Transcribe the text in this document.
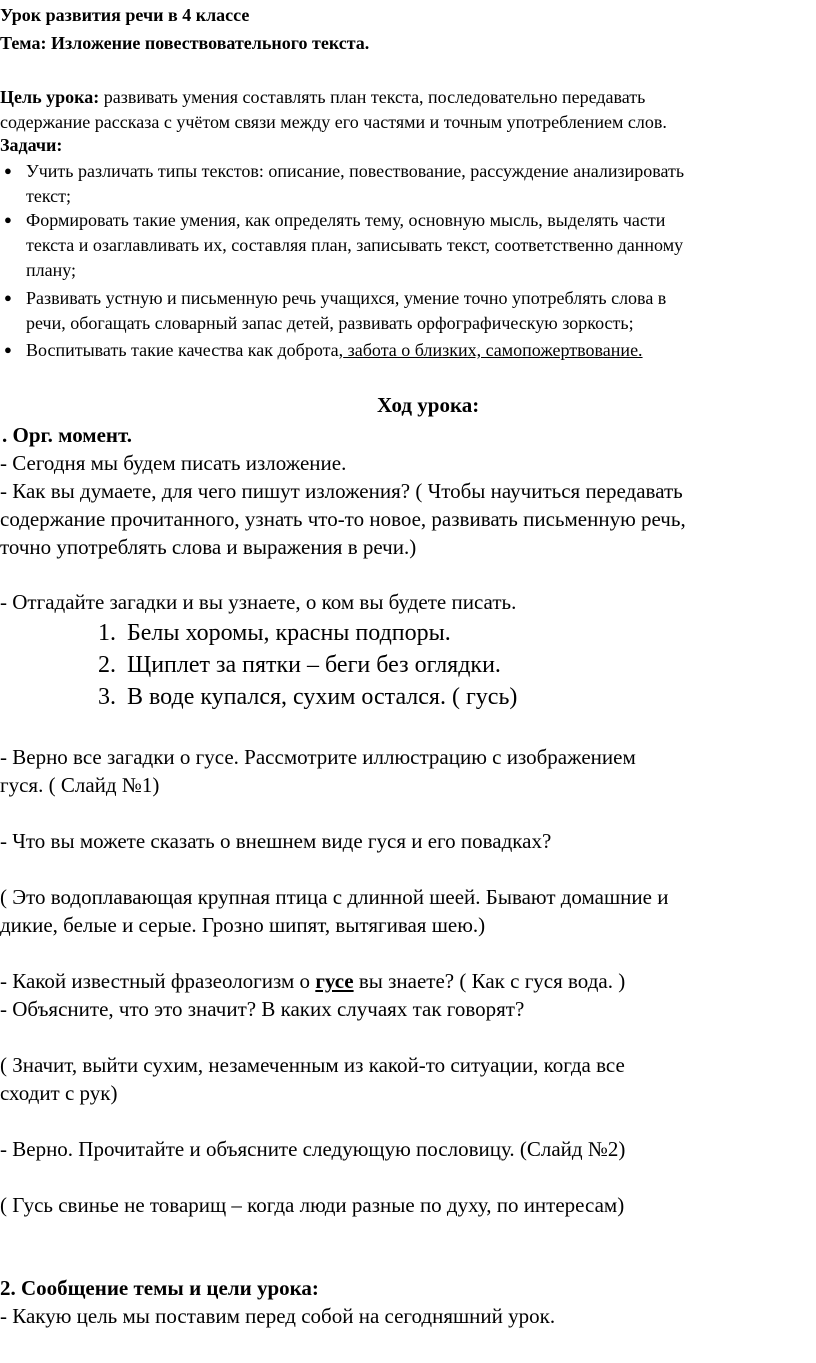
Урок развития речи в 4 классе
Тема: Изложение повествовательного текста.
Цель урока: развивать умения составлять план текста, последовательно передавать
содержание рассказа с учётом связи между его частями и точным употреблением слов.
Задачи:
● Учить различать типы текстов: описание, повествование, рассуждение анализировать
текст;
● Формировать такие умения, как определять тему, основную мысль, выделять части
текста и озаглавливать их, составляя план, записывать текст, соответственно данному
плану;
● Развивать устную и письменную речь учащихся, умение точно употреблять слова в
речи, обогащать словарный запас детей, развивать орфографическую зоркость;
● Воспитывать такие качества как доброта, забота о близких, самопожертвование.
Ход урока:
. Орг. момент.
- Сегодня мы будем писать изложение.
- Как вы думаете, для чего пишут изложения? ( Чтобы научиться передавать
содержание прочитанного, узнать что-то новое, развивать письменную речь,
точно употреблять слова и выражения в речи.)
- Отгадайте загадки и вы узнаете, о ком вы будете писать.
1. Белы хоромы, красны подпоры.
2. Щиплет за пятки – беги без оглядки.
3. В воде купался, сухим остался. ( гусь)
- Верно все загадки о гусе. Рассмотрите иллюстрацию с изображением
гуся. ( Слайд №1)
- Что вы можете сказать о внешнем виде гуся и его повадках?
( Это водоплавающая крупная птица с длинной шеей. Бывают домашние и
дикие, белые и серые. Грозно шипят, вытягивая шею.)
- Какой известный фразеологизм о гусе вы знаете? ( Как с гуся вода. )
- Объясните, что это значит? В каких случаях так говорят?
( Значит, выйти сухим, незамеченным из какой-то ситуации, когда все
сходит с рук)
- Верно. Прочитайте и объясните следующую пословицу. (Слайд №2)
( Гусь свинье не товарищ – когда люди разные по духу, по интересам)
2. Сообщение темы и цели урока:
- Какую цель мы поставим перед собой на сегодняшний урок.
